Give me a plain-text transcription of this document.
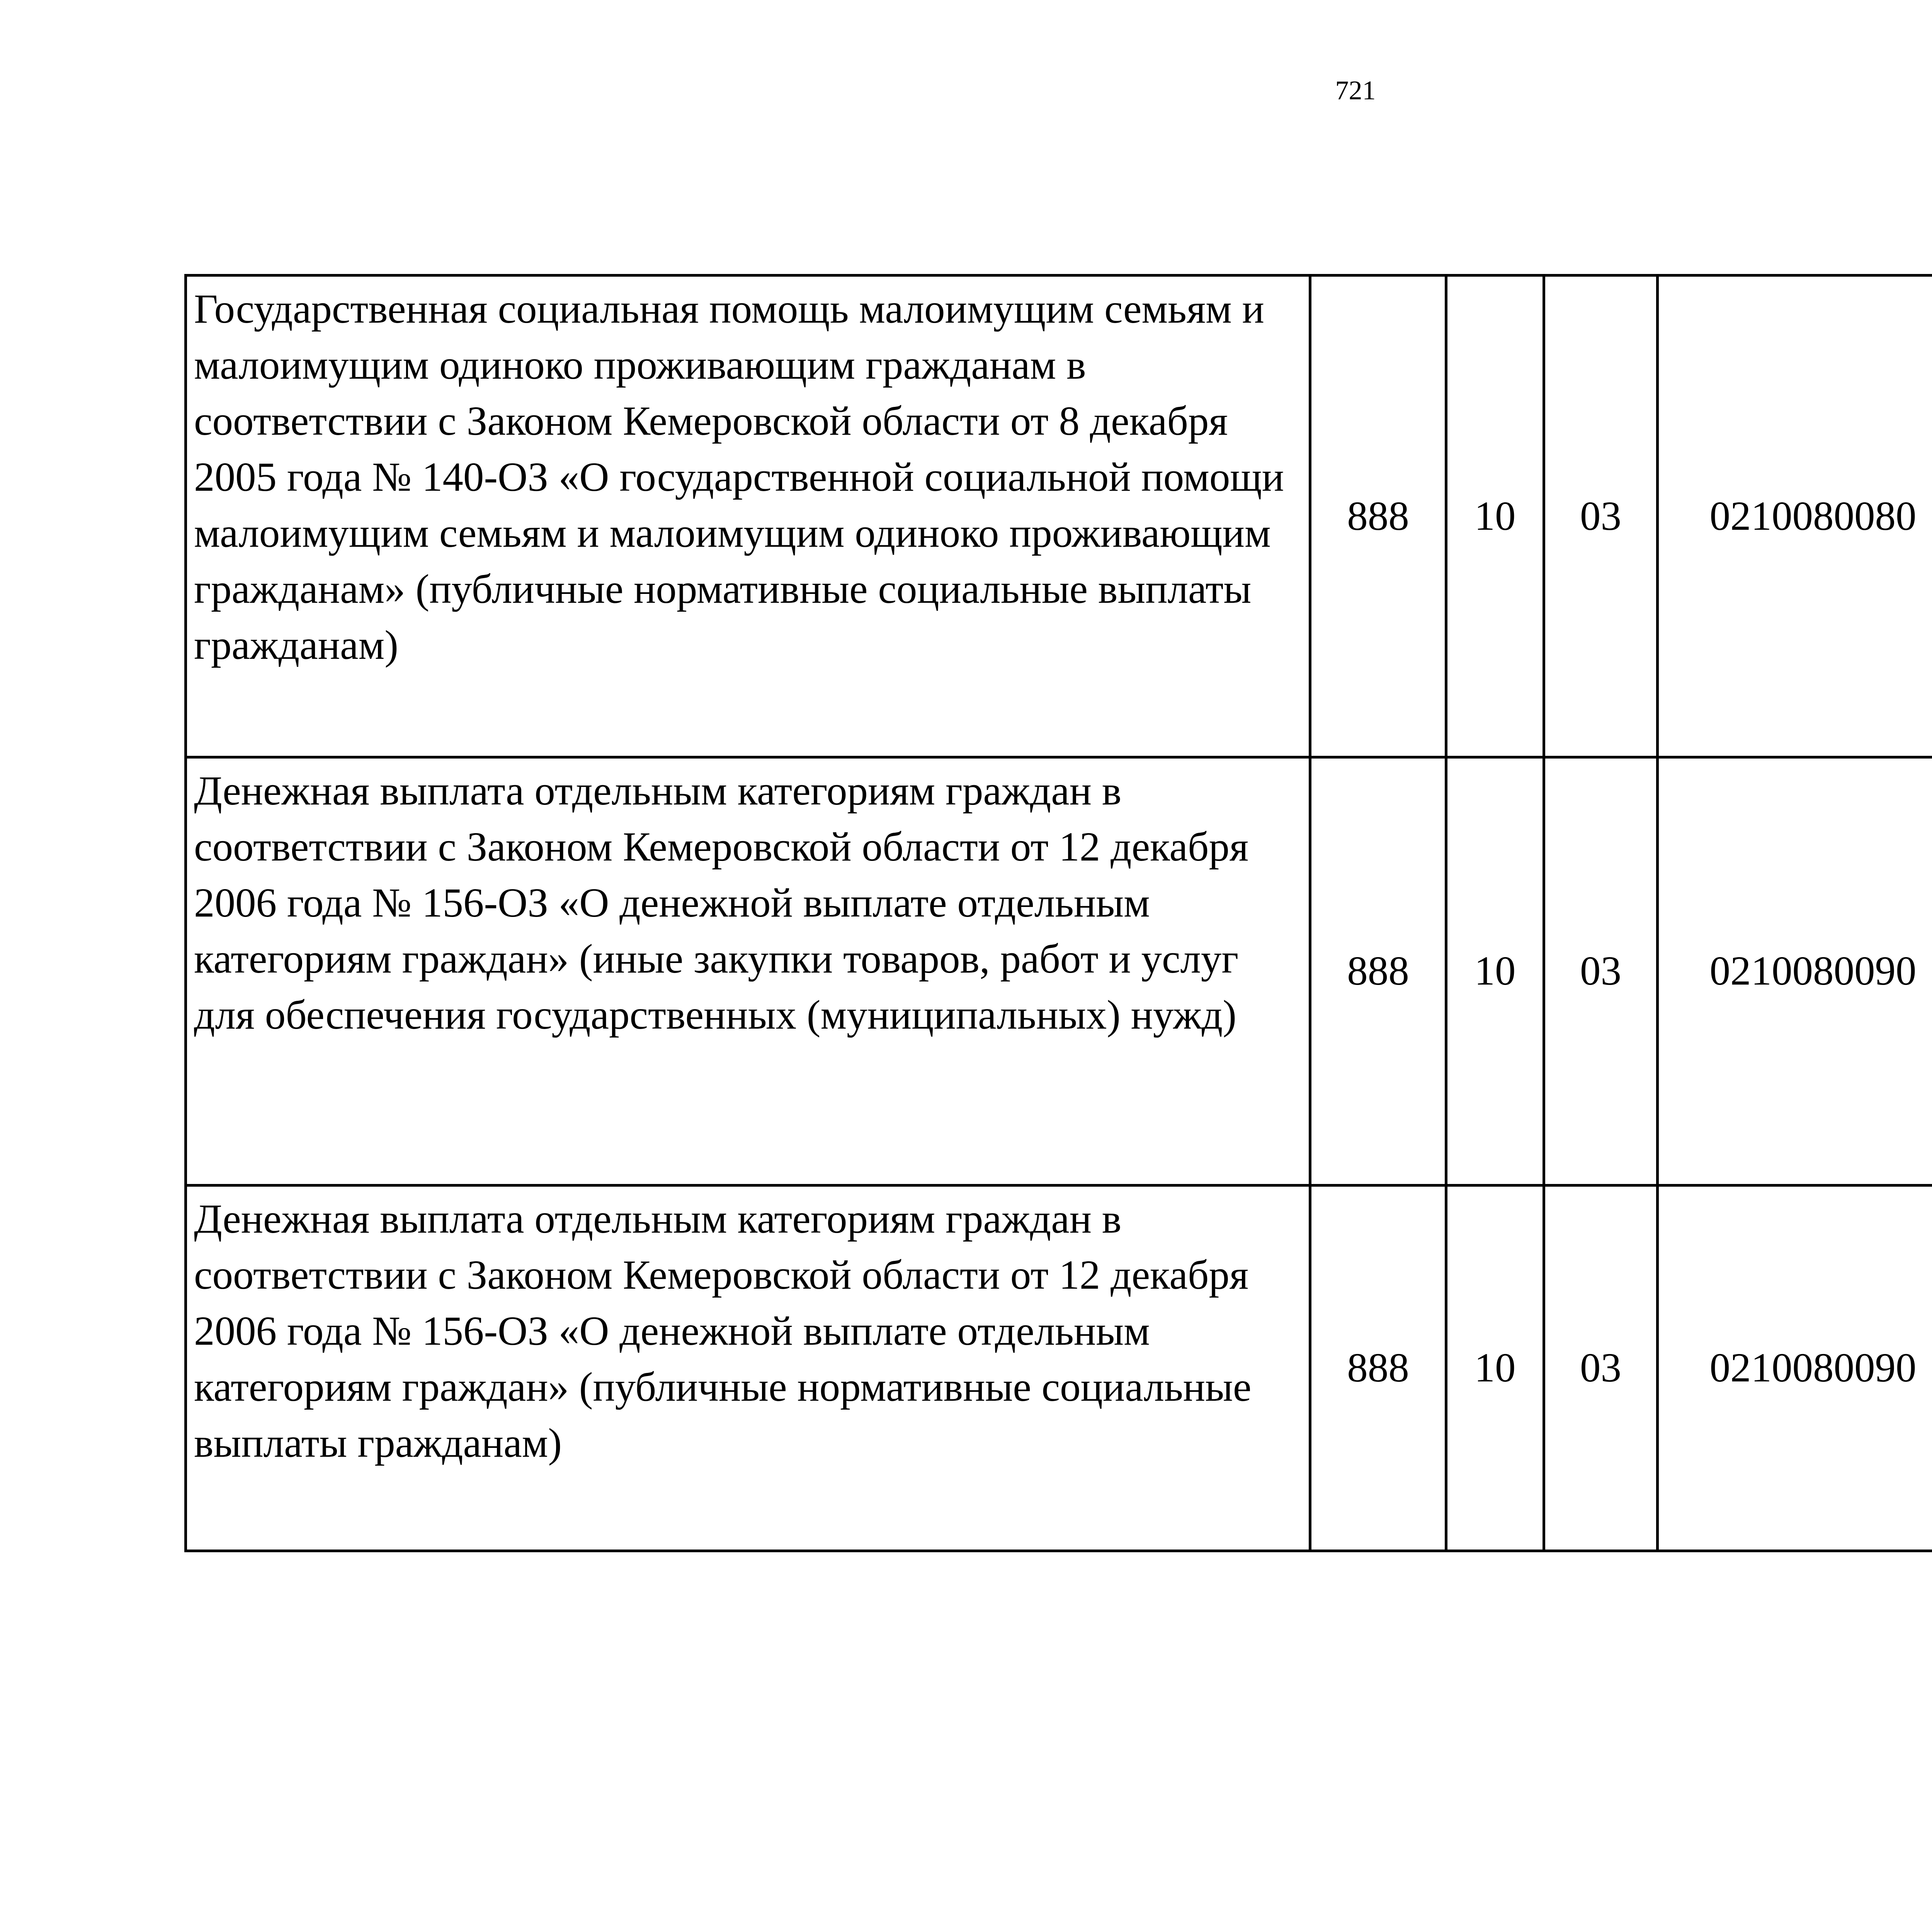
721
Государственная социальная помощь малоимущим семьям и малоимущим одиноко проживающим гражданам в соответствии с Законом Кемеровской области от 8 декабря 2005 года № 140-ОЗ «О государственной социальной помощи малоимущим семьям и малоимущим одиноко проживающим гражданам» (публичные нормативные социальные выплаты гражданам)	888	10	03	0210080080		
Денежная выплата отдельным категориям граждан в соответствии с Законом Кемеровской области от 12 декабря 2006 года № 156-ОЗ «О денежной выплате отдельным категориям граждан» (иные закупки товаров, работ и услуг для обеспечения государственных (муниципальных) нужд)	888	10	03	0210080090		
Денежная выплата отдельным категориям граждан в соответствии с Законом Кемеровской области от 12 декабря 2006 года № 156-ОЗ «О денежной выплате отдельным категориям граждан» (публичные нормативные социальные выплаты гражданам)	888	10	03	0210080090		
